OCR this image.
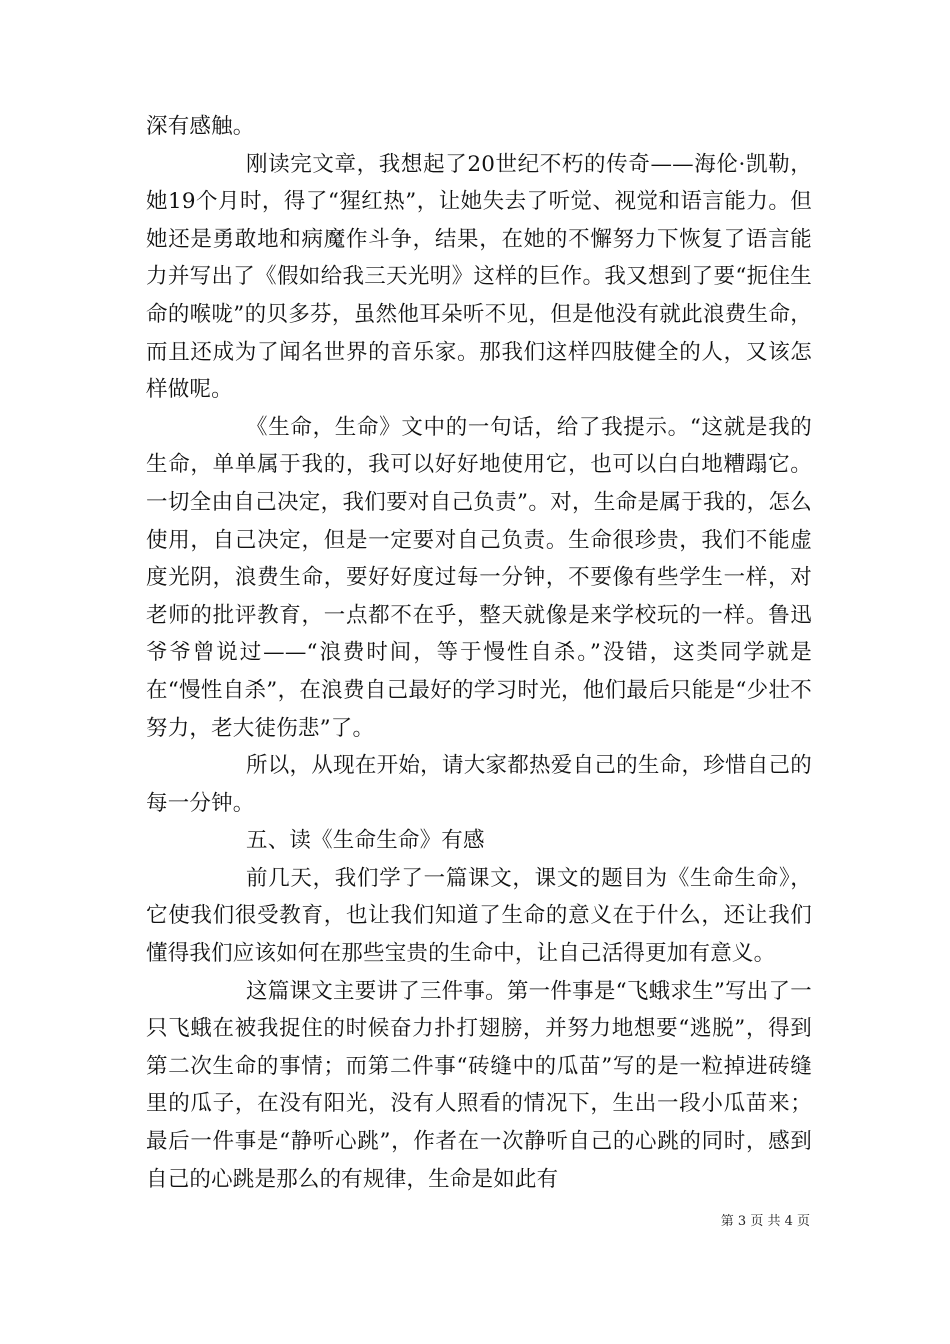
深有感触。

刚读完文章，我想起了20世纪不朽的传奇——海伦·凯勒，她19个月时，得了“猩红热”，让她失去了听觉、视觉和语言能力。但她还是勇敢地和病魔作斗争，结果，在她的不懈努力下恢复了语言能力并写出了《假如给我三天光明》这样的巨作。我又想到了要“扼住生命的喉咙”的贝多芬，虽然他耳朵听不见，但是他没有就此浪费生命，而且还成为了闻名世界的音乐家。那我们这样四肢健全的人，又该怎样做呢。

《生命，生命》文中的一句话，给了我提示。“这就是我的生命，单单属于我的，我可以好好地使用它，也可以白白地糟蹋它。一切全由自己决定，我们要对自己负责”。对，生命是属于我的，怎么使用，自己决定，但是一定要对自己负责。生命很珍贵，我们不能虚度光阴，浪费生命，要好好度过每一分钟，不要像有些学生一样，对老师的批评教育，一点都不在乎，整天就像是来学校玩的一样。鲁迅爷爷曾说过——“浪费时间，等于慢性自杀。”没错，这类同学就是在“慢性自杀”，在浪费自己最好的学习时光，他们最后只能是“少壮不努力，老大徒伤悲”了。

所以，从现在开始，请大家都热爱自己的生命，珍惜自己的每一分钟。

五、读《生命生命》有感

前几天，我们学了一篇课文，课文的题目为《生命生命》，它使我们很受教育，也让我们知道了生命的意义在于什么，还让我们懂得我们应该如何在那些宝贵的生命中，让自己活得更加有意义。

这篇课文主要讲了三件事。第一件事是“飞蛾求生”写出了一只飞蛾在被我捉住的时候奋力扑打翅膀，并努力地想要“逃脱”，得到第二次生命的事情；而第二件事“砖缝中的瓜苗”写的是一粒掉进砖缝里的瓜子，在没有阳光，没有人照看的情况下，生出一段小瓜苗来；最后一件事是“静听心跳”，作者在一次静听自己的心跳的同时，感到自己的心跳是那么的有规律，生命是如此有

第 3 页 共 4 页
